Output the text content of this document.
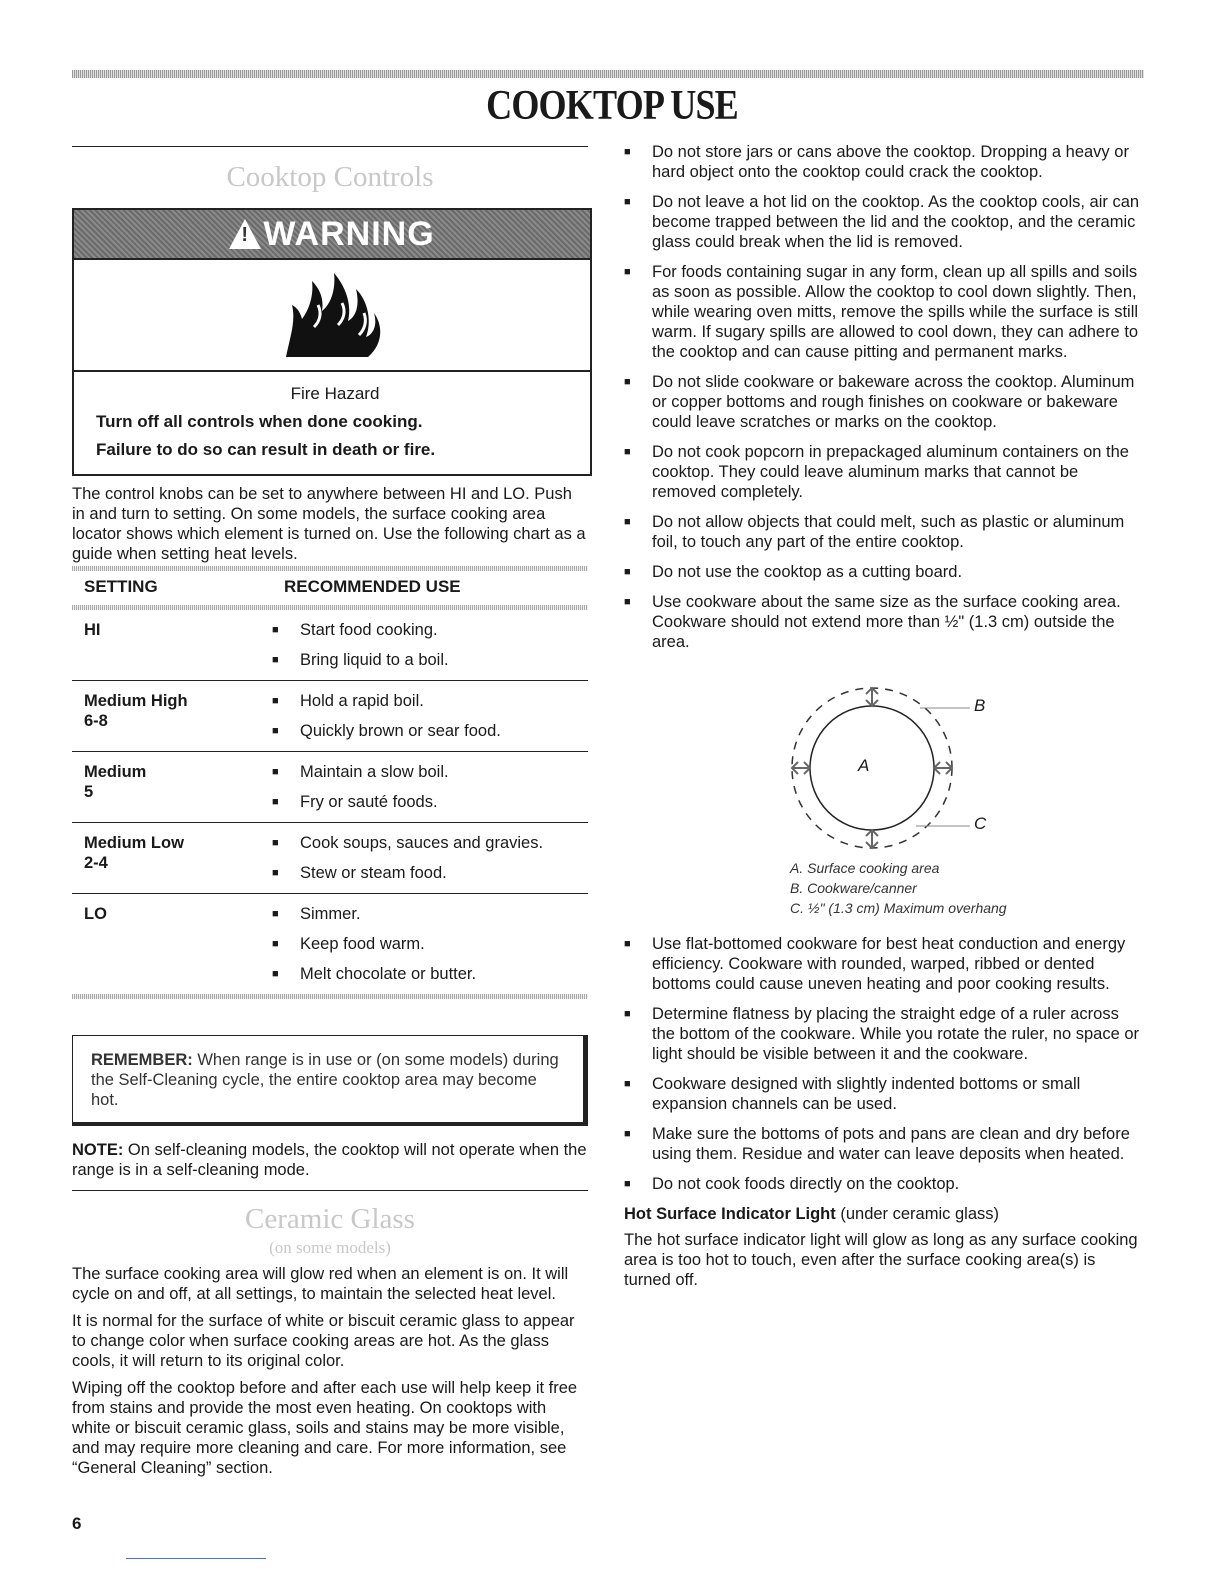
COOKTOP USE
Cooktop Controls
! WARNING
Fire Hazard
Turn off all controls when done cooking.
Failure to do so can result in death or fire.

The control knobs can be set to anywhere between HI and LO. Push in and turn to setting. On some models, the surface cooking area locator shows which element is turned on. Use the following chart as a guide when setting heat levels.

SETTING	RECOMMENDED USE
HI	■	Start food cooking.
■	Bring liquid to a boil.
Medium High
6-8
■	Hold a rapid boil.
■	Quickly brown or sear food.
Medium
5
■	Maintain a slow boil.
■	Fry or sauté foods.
Medium Low
2-4
■	Cook soups, sauces and gravies.
■	Stew or steam food.
LO	■	Simmer.
■	Keep food warm.
■	Melt chocolate or butter.
REMEMBER: When range is in use or (on some models) during the Self-Cleaning cycle, the entire cooktop area may become hot.

NOTE: On self-cleaning models, the cooktop will not operate when the range is in a self-cleaning mode.

Ceramic Glass
(on some models)

The surface cooking area will glow red when an element is on. It will cycle on and off, at all settings, to maintain the selected heat level.

It is normal for the surface of white or biscuit ceramic glass to appear to change color when surface cooking areas are hot. As the glass cools, it will return to its original color.

Wiping off the cooktop before and after each use will help keep it free from stains and provide the most even heating. On cooktops with white or biscuit ceramic glass, soils and stains may be more visible, and may require more cleaning and care. For more information, see “General Cleaning” section.

■	Do not store jars or cans above the cooktop. Dropping a heavy or hard object onto the cooktop could crack the cooktop.
■	Do not leave a hot lid on the cooktop. As the cooktop cools, air can become trapped between the lid and the cooktop, and the ceramic glass could break when the lid is removed.
■	For foods containing sugar in any form, clean up all spills and soils as soon as possible. Allow the cooktop to cool down slightly. Then, while wearing oven mitts, remove the spills while the surface is still warm. If sugary spills are allowed to cool down, they can adhere to the cooktop and can cause pitting and permanent marks.
■	Do not slide cookware or bakeware across the cooktop. Aluminum or copper bottoms and rough finishes on cookware or bakeware could leave scratches or marks on the cooktop.
■	Do not cook popcorn in prepackaged aluminum containers on the cooktop. They could leave aluminum marks that cannot be removed completely.
■	Do not allow objects that could melt, such as plastic or aluminum foil, to touch any part of the entire cooktop.
■	Do not use the cooktop as a cutting board.
■	Use cookware about the same size as the surface cooking area. Cookware should not extend more than ½" (1.3 cm) outside the area.
A
B
C
A. Surface cooking area
B. Cookware/canner
C. ½" (1.3 cm) Maximum overhang
■	Use flat-bottomed cookware for best heat conduction and energy efficiency. Cookware with rounded, warped, ribbed or dented bottoms could cause uneven heating and poor cooking results.
■	Determine flatness by placing the straight edge of a ruler across the bottom of the cookware. While you rotate the ruler, no space or light should be visible between it and the cookware.
■	Cookware designed with slightly indented bottoms or small expansion channels can be used.
■	Make sure the bottoms of pots and pans are clean and dry before using them. Residue and water can leave deposits when heated.
■	Do not cook foods directly on the cooktop.

Hot Surface Indicator Light (under ceramic glass)

The hot surface indicator light will glow as long as any surface cooking area is too hot to touch, even after the surface cooking area(s) is turned off.

6
